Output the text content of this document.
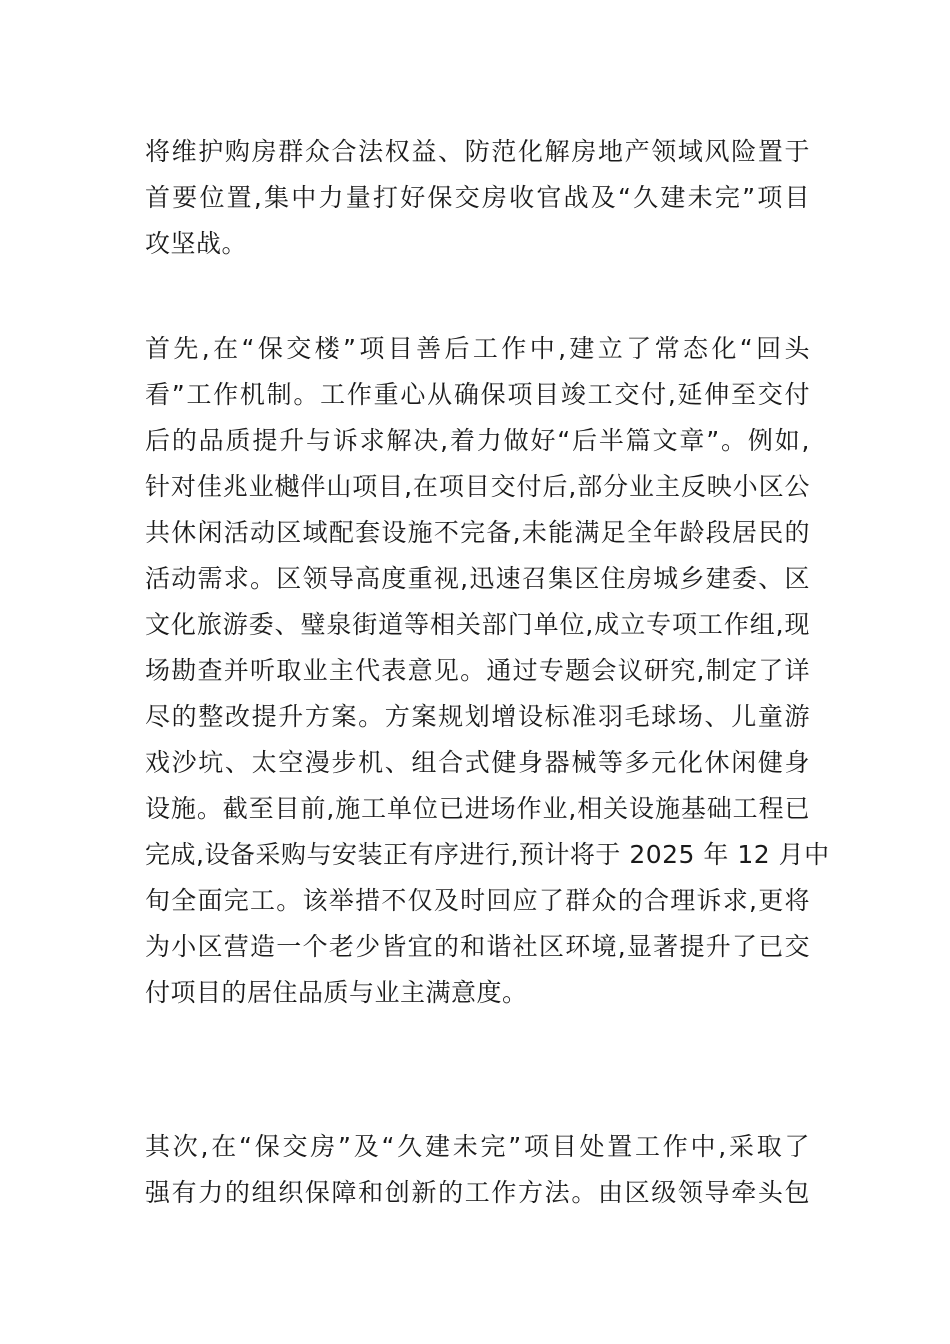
将维护购房群众合法权益、防范化解房地产领域风险置于
首要位置,集中力量打好保交房收官战及“久建未完”项目
攻坚战。
首先,在“保交楼”项目善后工作中,建立了常态化“回头
看”工作机制。工作重心从确保项目竣工交付,延伸至交付
后的品质提升与诉求解决,着力做好“后半篇文章”。例如,
针对佳兆业樾伴山项目,在项目交付后,部分业主反映小区公
共休闲活动区域配套设施不完备,未能满足全年龄段居民的
活动需求。区领导高度重视,迅速召集区住房城乡建委、区
文化旅游委、璧泉街道等相关部门单位,成立专项工作组,现
场勘查并听取业主代表意见。通过专题会议研究,制定了详
尽的整改提升方案。方案规划增设标准羽毛球场、儿童游
戏沙坑、太空漫步机、组合式健身器械等多元化休闲健身
设施。截至目前,施工单位已进场作业,相关设施基础工程已
完成,设备采购与安装正有序进行,预计将于 2025 年 12 月中
旬全面完工。该举措不仅及时回应了群众的合理诉求,更将
为小区营造一个老少皆宜的和谐社区环境,显著提升了已交
付项目的居住品质与业主满意度。
其次,在“保交房”及“久建未完”项目处置工作中,采取了
强有力的组织保障和创新的工作方法。由区级领导牵头包
